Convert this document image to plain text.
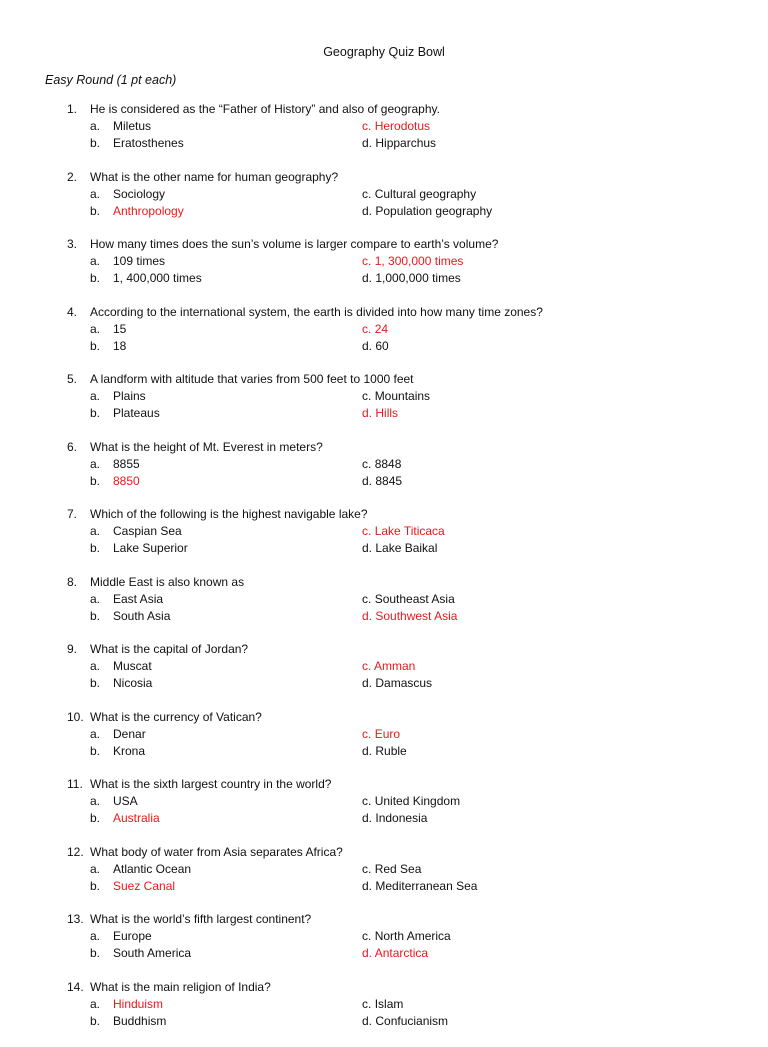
Geography Quiz Bowl
Easy Round (1 pt each)
1. He is considered as the “Father of History” and also of geography.
a. Miletus
b. Eratosthenes
c. Herodotus
d. Hipparchus
2. What is the other name for human geography?
a. Sociology
b. Anthropology
c. Cultural geography
d. Population geography
3. How many times does the sun’s volume is larger compare to earth’s volume?
a. 109 times
b. 1, 400,000 times
c. 1, 300,000 times
d. 1,000,000 times
4. According to the international system, the earth is divided into how many time zones?
a. 15
b. 18
c. 24
d. 60
5. A landform with altitude that varies from 500 feet to 1000 feet
a. Plains
b. Plateaus
c. Mountains
d. Hills
6. What is the height of Mt. Everest in meters?
a. 8855
b. 8850
c. 8848
d. 8845
7. Which of the following is the highest navigable lake?
a. Caspian Sea
b. Lake Superior
c. Lake Titicaca
d. Lake Baikal
8. Middle East is also known as
a. East Asia
b. South Asia
c. Southeast Asia
d. Southwest Asia
9. What is the capital of Jordan?
a. Muscat
b. Nicosia
c. Amman
d. Damascus
10. What is the currency of Vatican?
a. Denar
b. Krona
c. Euro
d. Ruble
11. What is the sixth largest country in the world?
a. USA
b. Australia
c. United Kingdom
d. Indonesia
12. What body of water from Asia separates Africa?
a. Atlantic Ocean
b. Suez Canal
c. Red Sea
d. Mediterranean Sea
13. What is the world’s fifth largest continent?
a. Europe
b. South America
c. North America
d. Antarctica
14. What is the main religion of India?
a. Hinduism
b. Buddhism
c. Islam
d. Confucianism
